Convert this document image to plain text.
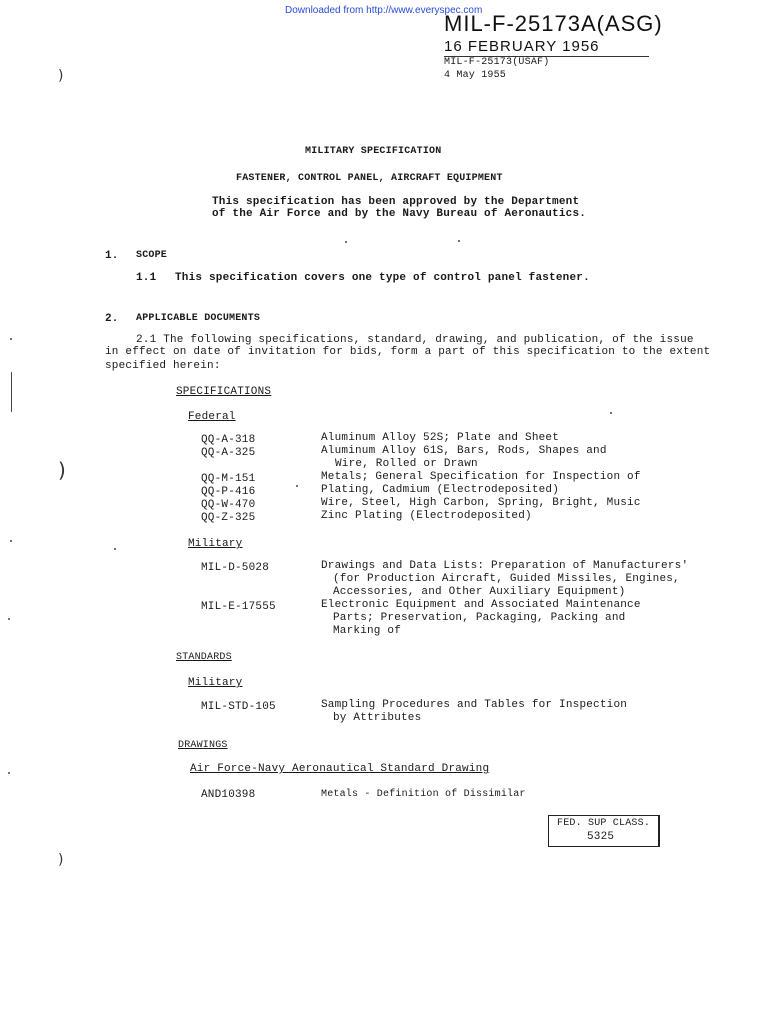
Downloaded from http://www.everyspec.com
MIL-F-25173A(ASG)
16 FEBRUARY 1956
MIL-F-25173(USAF)
4 May 1955
MILITARY SPECIFICATION
FASTENER, CONTROL PANEL, AIRCRAFT EQUIPMENT
This specification has been approved by the Department
of the Air Force and by the Navy Bureau of Aeronautics.
1. SCOPE
1.1 This specification covers one type of control panel fastener.
2. APPLICABLE DOCUMENTS
2.1 The following specifications, standard, drawing, and publication, of the issue
in effect on date of invitation for bids, form a part of this specification to the extent
specified herein:
SPECIFICATIONS
Federal
QQ-A-318	Aluminum Alloy 52S; Plate and Sheet
QQ-A-325	Aluminum Alloy 61S, Bars, Rods, Shapes and
Wire, Rolled or Drawn
QQ-M-151	Metals; General Specification for Inspection of
QQ-P-416	Plating, Cadmium (Electrodeposited)
QQ-W-470	Wire, Steel, High Carbon, Spring, Bright, Music
QQ-Z-325	Zinc Plating (Electrodeposited)
Military
MIL-D-5028	Drawings and Data Lists: Preparation of Manufacturers'
(for Production Aircraft, Guided Missiles, Engines,
Accessories, and Other Auxiliary Equipment)
MIL-E-17555	Electronic Equipment and Associated Maintenance
Parts; Preservation, Packaging, Packing and
Marking of
STANDARDS
Military
MIL-STD-105	Sampling Procedures and Tables for Inspection
by Attributes
DRAWINGS
Air Force-Navy Aeronautical Standard Drawing
AND10398	Metals - Definition of Dissimilar
FED. SUP CLASS.
5325
)
)
)
